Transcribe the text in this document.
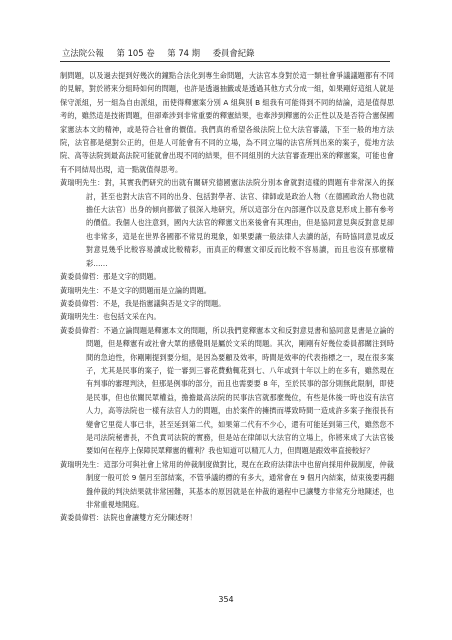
立法院公報 第 105 卷 第 74 期 委員會紀錄

制問題，以及過去提到好幾次的鐘點合法化到專生命問題，大法官本身對於這一類社會爭議議題都有不同的見解，對於將來分組時如何的問題，也許是透過抽籤或是透過其他方式分成一組，如果剛好這組人就是保守派組，另一組為自由派組，而使得釋憲案分別 A 組與別 B 組我有可能得到不同的結論，這是值得思考的，雖然這是技術問題，但卻牽涉到非常重要的釋憲結果，也牽涉到釋憲的公正性以及是否符合憲保國家憲法本文的精神，或是符合社會的價值。我們真的希望各級法院上位大法官審議，下至一般的地方法院，法官都是絕對公正的，但是人可能會有不同的立場，為不同立場的法官所判出來的案子，從地方法院、高等法院到最高法院可能就會出現不同的結果，但不同組別的大法官審查理出來的釋憲案，可能也會有不同結局出現，這一點就值得思考。

黃瑞明先生：對，其實我們研究的出就有關研究德國憲法法院分別本會就對這樣的問題有非常深入的探討，甚至也對大法官不同的出身、包括對學者、法官、律師或是政治人物（在德國政治人物也就擔任大法官）出身的傾向都做了很深入地研究，所以這部分在內部運作以及意見形成上都有參考的價值。我個人也注意到，國內大法官的釋憲文出來後會有其理由，但是協同意見與反對意見卻也非常多，這是在世界各國都不常見的現象，如果要讓一般法律人去讀的話，有時協同意見或反對意見幾乎比較容易讀或比較精彩，而真正的釋憲文卻反而比較不容易讀，而且也沒有那麼精彩……

黃委員偉哲：那是文字的問題。

黃瑞明先生：不是文字的問題而是立論的問題。

黃委員偉哲：不是，我是指憲議與否是文字的問題。

黃瑞明先生：也包括文采在內。

黃委員偉哲：不過立論問題是釋憲本文的問題，所以我們竟釋憲本文和反對意見書和協同意見書是立論的問題，但是釋憲有或社會大眾的感覺則是屬於文采的問題。其次，剛剛有好幾位委員都關注到時間的急迫性，你剛剛提到要分組，是因為要顧及效率，時間是效率的代表指標之一，現在很多案子，尤其是民事的案子，從一審到三審花費動輒花到七、八年或到十年以上的在多有，雖然現在有判事的審理判決，但那是例事的部分，而且也需要要 8 年，至於民事的部分則無此限制，即使是民事，但也依關民眾權益，擔擔最高法院的民事法官就那麼幾位，有些是休後一時也沒有法官人力，高等法院也一樣有法官人力的問題，由於案件的擁擠而導致時間一造成許多案子拖很長有變會它里從人事已非，甚至延到第二代，如果第二代有不少心，還有可能延到第三代，雖然您不是司法院秘書長，不負責司法院的實務，但是站在律師以大法官的立場上，你將來成了大法官後要如何在程序上保障民眾釋憲的權利？我也知道可以精兀人力，但問題是跟效率直接較好？

黃瑞明先生：這部分可與社會上常用的仲裁制度做對比，現在在政府法律法中也留向採用仲裁制度，仲裁制度一般可於 9 個月至部結案，不管爭議的標的有多大，通常會在 9 個月內結案，結束後要再翻盤仲裁的判決結果就非常困難，其基本的原因就是在仲裁的過程中已讓雙方非常充分地陳述，也非常重視地開庭。

黃委員偉哲：法院也會讓雙方充分陳述呀！

354
